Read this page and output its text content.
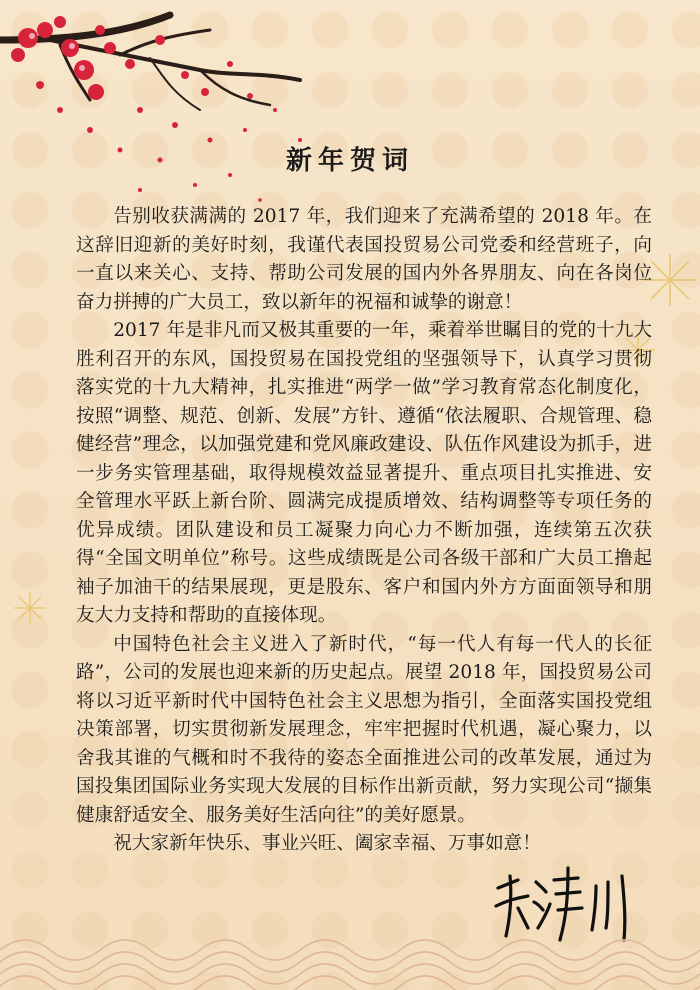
新年贺词

告别收获满满的 2017 年，我们迎来了充满希望的 2018 年。在这辞旧迎新的美好时刻，我谨代表国投贸易公司党委和经营班子，向一直以来关心、支持、帮助公司发展的国内外各界朋友、向在各岗位奋力拼搏的广大员工，致以新年的祝福和诚挚的谢意！

2017 年是非凡而又极其重要的一年，乘着举世瞩目的党的十九大胜利召开的东风，国投贸易在国投党组的坚强领导下，认真学习贯彻落实党的十九大精神，扎实推进“两学一做”学习教育常态化制度化，按照“调整、规范、创新、发展”方针、遵循“依法履职、合规管理、稳健经营”理念，以加强党建和党风廉政建设、队伍作风建设为抓手，进一步务实管理基础，取得规模效益显著提升、重点项目扎实推进、安全管理水平跃上新台阶、圆满完成提质增效、结构调整等专项任务的优异成绩。团队建设和员工凝聚力向心力不断加强，连续第五次获得“全国文明单位”称号。这些成绩既是公司各级干部和广大员工撸起袖子加油干的结果展现，更是股东、客户和国内外方方面面领导和朋友大力支持和帮助的直接体现。

中国特色社会主义进入了新时代，“每一代人有每一代人的长征路”，公司的发展也迎来新的历史起点。展望 2018 年，国投贸易公司将以习近平新时代中国特色社会主义思想为指引，全面落实国投党组决策部署，切实贯彻新发展理念，牢牢把握时代机遇，凝心聚力，以舍我其谁的气概和时不我待的姿态全面推进公司的改革发展，通过为国投集团国际业务实现大发展的目标作出新贡献，努力实现公司“撷集健康舒适安全、服务美好生活向往”的美好愿景。

祝大家新年快乐、事业兴旺、阖家幸福、万事如意！
